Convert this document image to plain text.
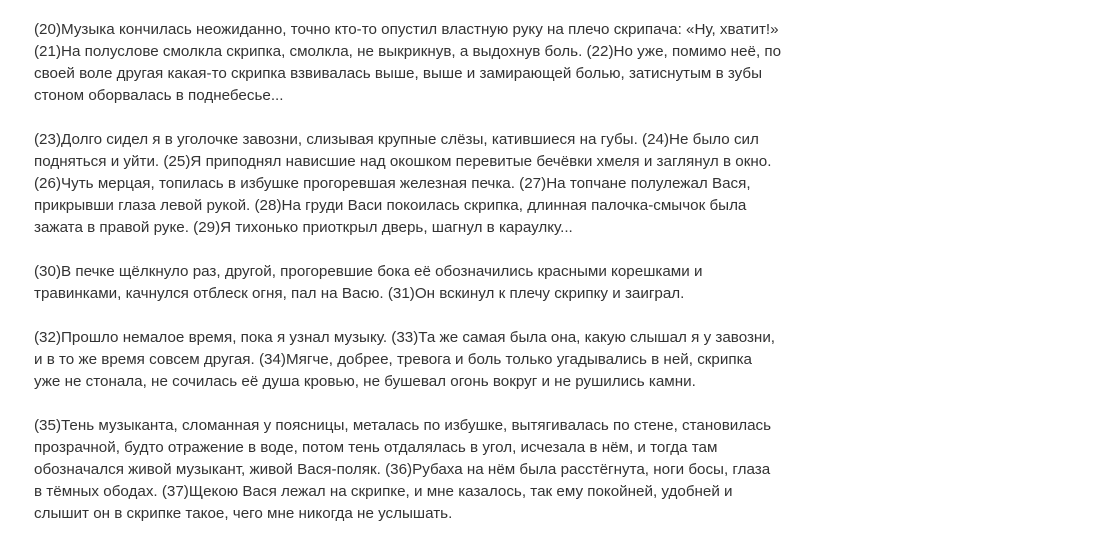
(20)Музыка кончилась неожиданно, точно кто-то опустил властную руку на плечо скрипача: «Ну, хватит!»
(21)На полуслове смолкла скрипка, смолкла, не выкрикнув, а выдохнув боль. (22)Но уже, помимо неё, по
своей воле другая какая-то скрипка взвивалась выше, выше и замирающей болью, затиснутым в зубы
стоном оборвалась в поднебесье...

(23)Долго сидел я в уголочке завозни, слизывая крупные слёзы, катившиеся на губы. (24)Не было сил
подняться и уйти. (25)Я приподнял нависшие над окошком перевитые бечёвки хмеля и заглянул в окно.
(26)Чуть мерцая, топилась в избушке прогоревшая железная печка. (27)На топчане полулежал Вася,
прикрывши глаза левой рукой. (28)На груди Васи покоилась скрипка, длинная палочка-смычок была
зажата в правой руке. (29)Я тихонько приоткрыл дверь, шагнул в караулку...

(30)В печке щёлкнуло раз, другой, прогоревшие бока её обозначились красными корешками и
травинками, качнулся отблеск огня, пал на Васю. (31)Он вскинул к плечу скрипку и заиграл.

(32)Прошло немалое время, пока я узнал музыку. (33)Та же самая была она, какую слышал я у завозни,
и в то же время совсем другая. (34)Мягче, добрее, тревога и боль только угадывались в ней, скрипка
уже не стонала, не сочилась её душа кровью, не бушевал огонь вокруг и не рушились камни.

(35)Тень музыканта, сломанная у поясницы, металась по избушке, вытягивалась по стене, становилась
прозрачной, будто отражение в воде, потом тень отдалялась в угол, исчезала в нём, и тогда там
обозначался живой музыкант, живой Вася-поляк. (36)Рубаха на нём была расстёгнута, ноги босы, глаза
в тёмных ободах. (37)Щекою Вася лежал на скрипке, и мне казалось, так ему покойней, удобней и
слышит он в скрипке такое, чего мне никогда не услышать.
